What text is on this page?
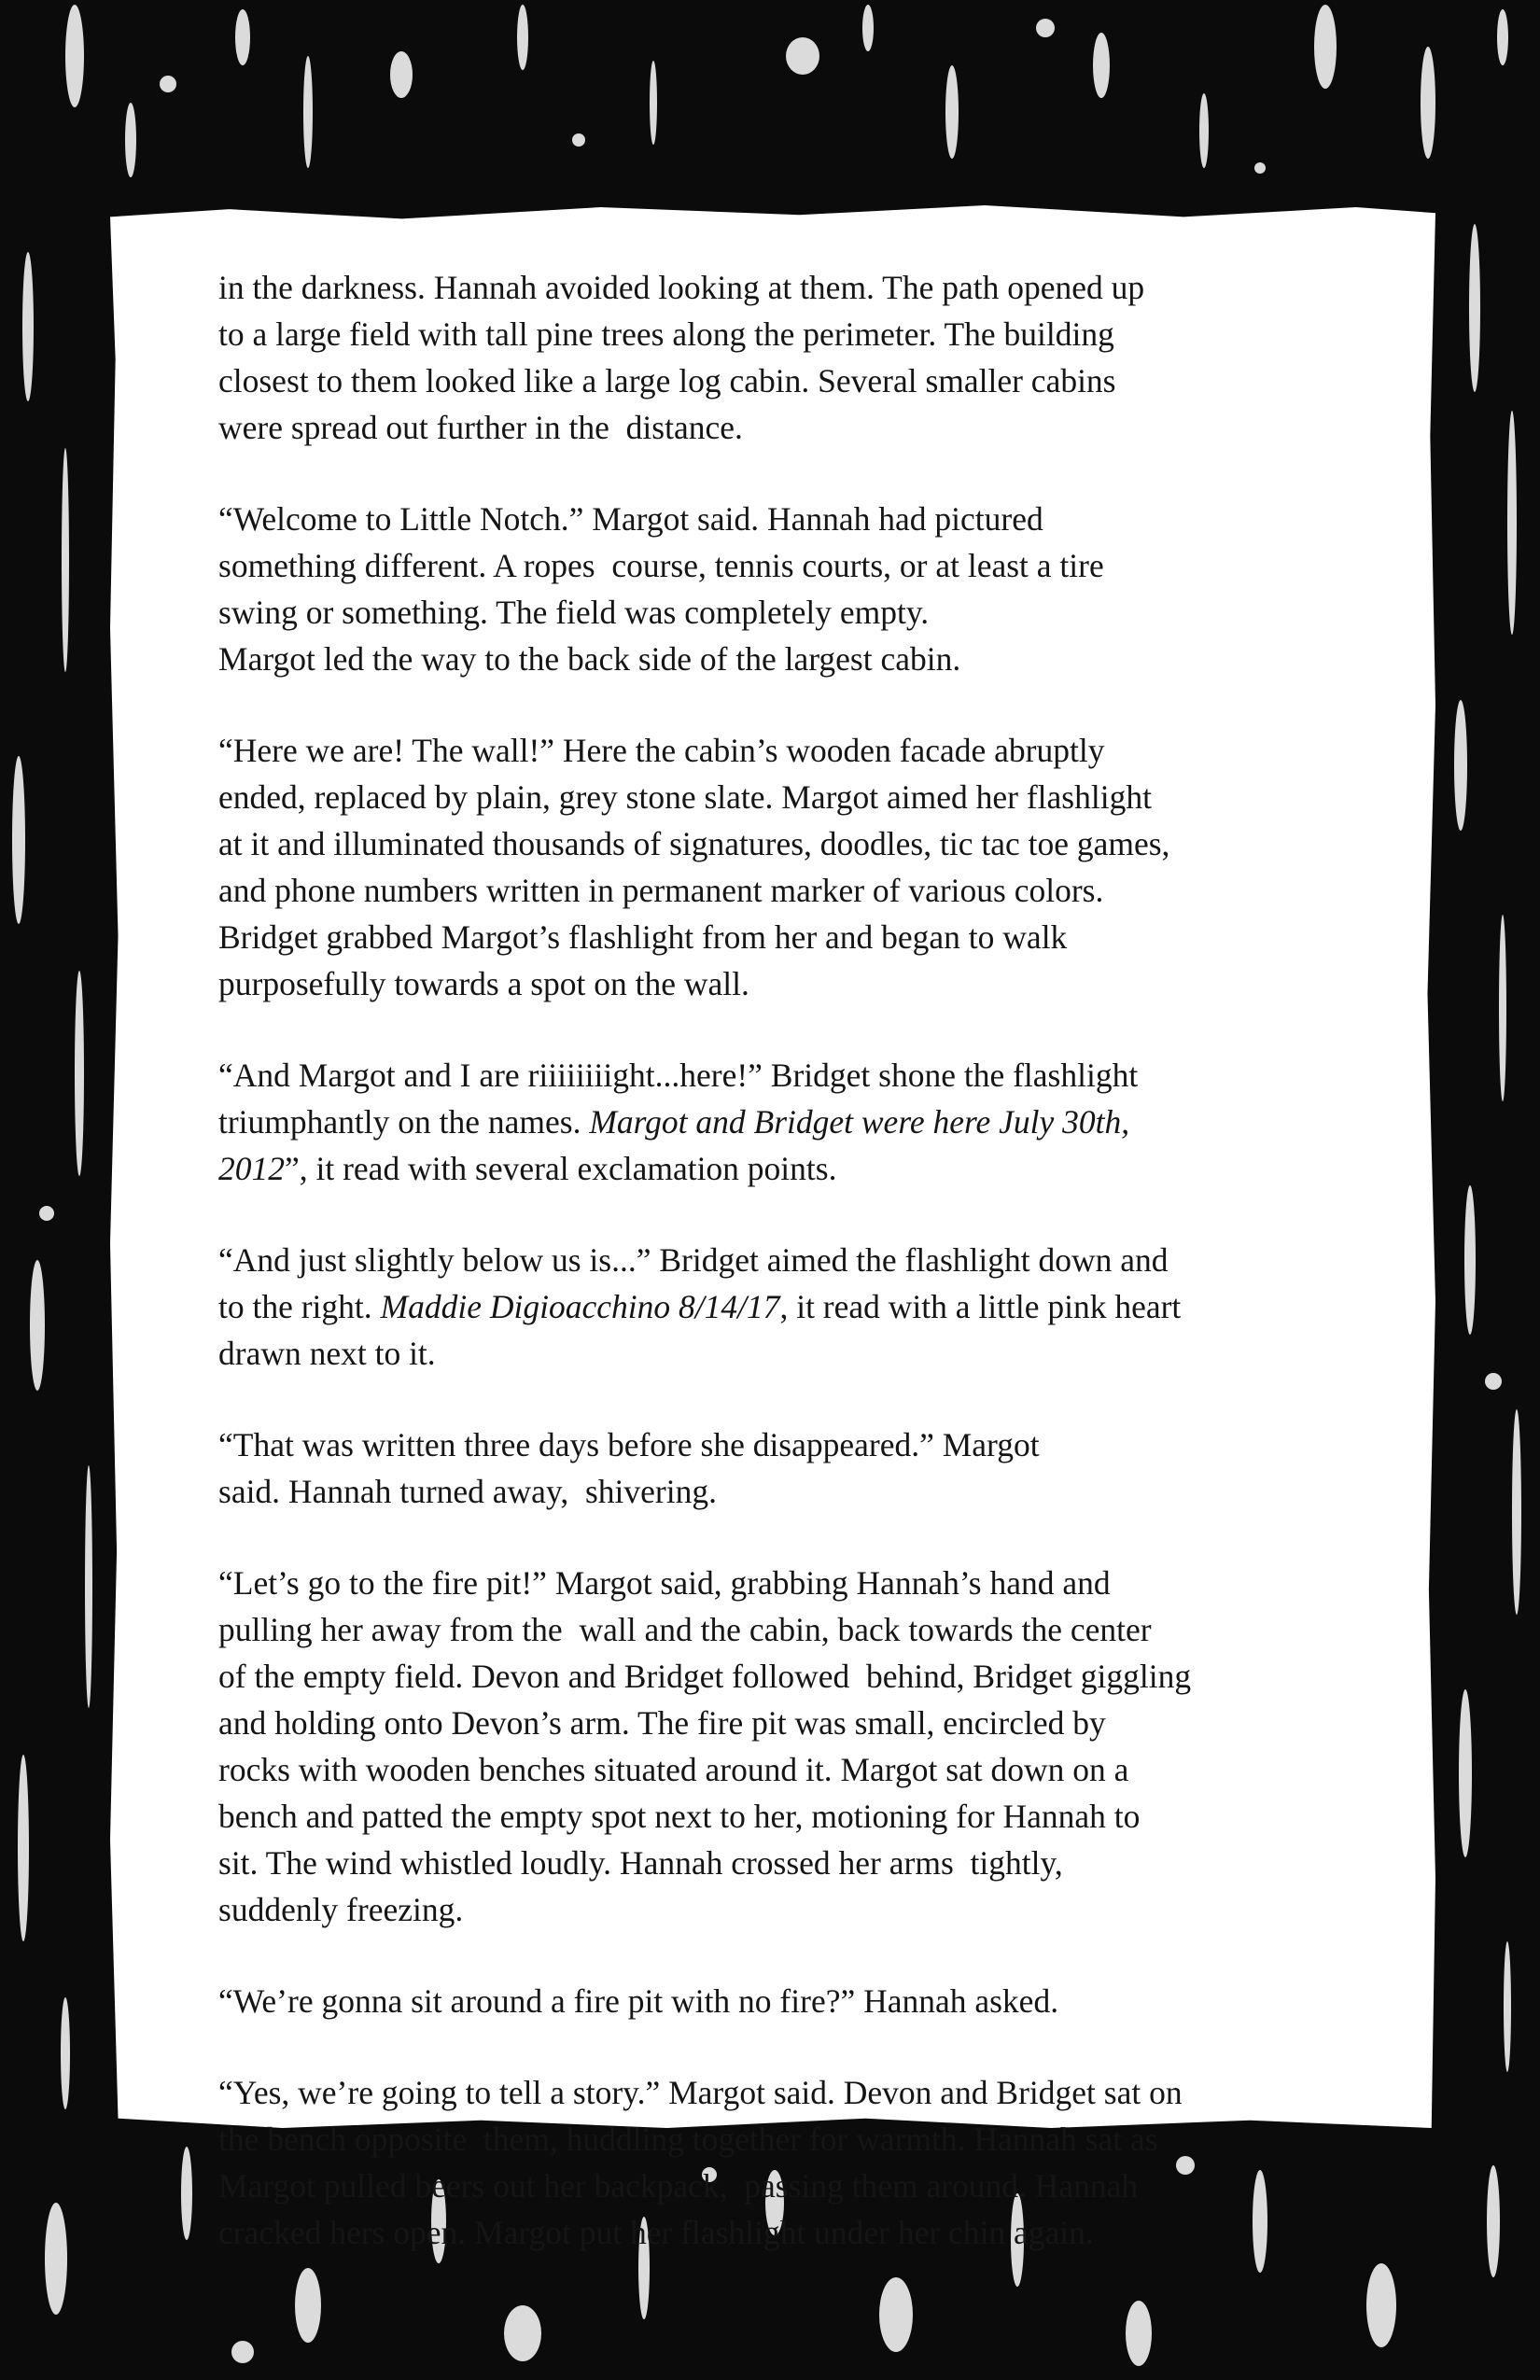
in the darkness. Hannah avoided looking at them. The path opened up
to a large field with tall pine trees along the perimeter. The building
closest to them looked like a large log cabin. Several smaller cabins
were spread out further in the  distance.

“Welcome to Little Notch.” Margot said. Hannah had pictured
something different. A ropes  course, tennis courts, or at least a tire
swing or something. The field was completely empty.
Margot led the way to the back side of the largest cabin.

“Here we are! The wall!” Here the cabin’s wooden facade abruptly
ended, replaced by plain, grey stone slate. Margot aimed her flashlight
at it and illuminated thousands of signatures, doodles, tic tac toe games,
and phone numbers written in permanent marker of various colors.
Bridget grabbed Margot’s flashlight from her and began to walk
purposefully towards a spot on the wall.

“And Margot and I are riiiiiiiight...here!” Bridget shone the flashlight
triumphantly on the names. Margot and Bridget were here July 30th,
2012”, it read with several exclamation points.

“And just slightly below us is...” Bridget aimed the flashlight down and
to the right. Maddie Digioacchino 8/14/17, it read with a little pink heart
drawn next to it.

“That was written three days before she disappeared.” Margot
said. Hannah turned away,  shivering.

“Let’s go to the fire pit!” Margot said, grabbing Hannah’s hand and
pulling her away from the  wall and the cabin, back towards the center
of the empty field. Devon and Bridget followed  behind, Bridget giggling
and holding onto Devon’s arm. The fire pit was small, encircled by
rocks with wooden benches situated around it. Margot sat down on a
bench and patted the empty spot next to her, motioning for Hannah to
sit. The wind whistled loudly. Hannah crossed her arms  tightly,
suddenly freezing.

“We’re gonna sit around a fire pit with no fire?” Hannah asked.

“Yes, we’re going to tell a story.” Margot said. Devon and Bridget sat on
the bench opposite  them, huddling together for warmth. Hannah sat as
Margot pulled beers out her backpack,  passing them around. Hannah
cracked hers open. Margot put her flashlight under her chin again.
